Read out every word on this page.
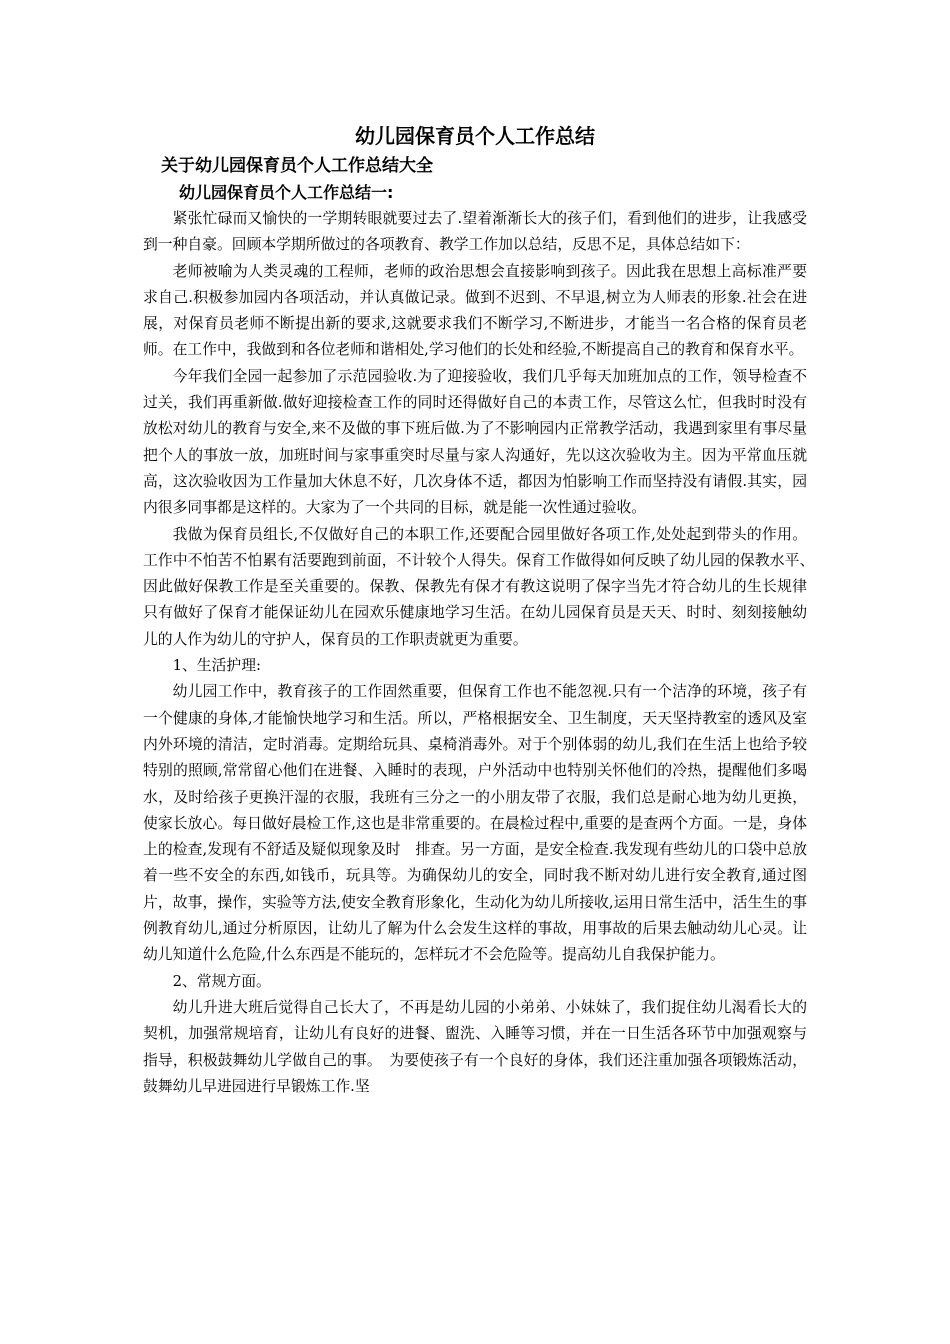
幼儿园保育员个人工作总结
关于幼儿园保育员个人工作总结大全
幼儿园保育员个人工作总结一:

紧张忙碌而又愉快的一学期转眼就要过去了.望着渐渐长大的孩子们，看到他们的进步，让我感受到一种自豪。回顾本学期所做过的各项教育、教学工作加以总结，反思不足，具体总结如下：

老师被喻为人类灵魂的工程师，老师的政治思想会直接影响到孩子。因此我在思想上高标准严要求自己.积极参加园内各项活动，并认真做记录。做到不迟到、不早退,树立为人师表的形象.社会在进展，对保育员老师不断提出新的要求,这就要求我们不断学习,不断进步，才能当一名合格的保育员老师。在工作中，我做到和各位老师和谐相处,学习他们的长处和经验,不断提高自己的教育和保育水平。

今年我们全园一起参加了示范园验收.为了迎接验收，我们几乎每天加班加点的工作，领导检查不过关，我们再重新做.做好迎接检查工作的同时还得做好自己的本责工作，尽管这么忙，但我时时没有放松对幼儿的教育与安全,来不及做的事下班后做.为了不影响园内正常教学活动，我遇到家里有事尽量把个人的事放一放，加班时间与家事重突时尽量与家人沟通好，先以这次验收为主。因为平常血压就高，这次验收因为工作量加大休息不好，几次身体不适，都因为怕影响工作而坚持没有请假.其实，园内很多同事都是这样的。大家为了一个共同的目标，就是能一次性通过验收。

我做为保育员组长,不仅做好自己的本职工作,还要配合园里做好各项工作,处处起到带头的作用。工作中不怕苦不怕累有活要跑到前面，不计较个人得失。保育工作做得如何反映了幼儿园的保教水平、　因此做好保教工作是至关重要的。保教、保教先有保才有教这说明了保字当先才符合幼儿的生长规律只有做好了保育才能保证幼儿在园欢乐健康地学习生活。在幼儿园保育员是天天、时时、刻刻接触幼儿的人作为幼儿的守护人，保育员的工作职责就更为重要。

1、生活护理:

幼儿园工作中，教育孩子的工作固然重要，但保育工作也不能忽视.只有一个洁净的环境，孩子有一个健康的身体,才能愉快地学习和生活。所以，严格根据安全、卫生制度，天天坚持教室的透风及室内外环境的清洁，定时消毒。定期给玩具、桌椅消毒外。对于个别体弱的幼儿,我们在生活上也给予较特别的照顾,常常留心他们在进餐、入睡时的表现，户外活动中也特别关怀他们的冷热，提醒他们多喝水，及时给孩子更换汗湿的衣服，我班有三分之一的小朋友带了衣服，我们总是耐心地为幼儿更换，使家长放心。每日做好晨检工作,这也是非常重要的。在晨检过程中,重要的是查两个方面。一是，身体上的检查,发现有不舒适及疑似现象及时　排查。另一方面，是安全检查.我发现有些幼儿的口袋中总放着一些不安全的东西,如钱币，玩具等。为确保幼儿的安全，同时我不断对幼儿进行安全教育,通过图片，故事，操作，实验等方法,使安全教育形象化，生动化为幼儿所接收,运用日常生活中，活生生的事例教育幼儿,通过分析原因，让幼儿了解为什么会发生这样的事故，用事故的后果去触动幼儿心灵。让幼儿知道什么危险,什么东西是不能玩的，怎样玩才不会危险等。提高幼儿自我保护能力。

2、常规方面。

幼儿升进大班后觉得自己长大了，不再是幼儿园的小弟弟、小妹妹了，我们捉住幼儿渴看长大的契机，加强常规培育，让幼儿有良好的进餐、盥洗、入睡等习惯，并在一日生活各环节中加强观察与指导，积极鼓舞幼儿学做自己的事。　为要使孩子有一个良好的身体，我们还注重加强各项锻炼活动，鼓舞幼儿早进园进行早锻炼工作.坚
